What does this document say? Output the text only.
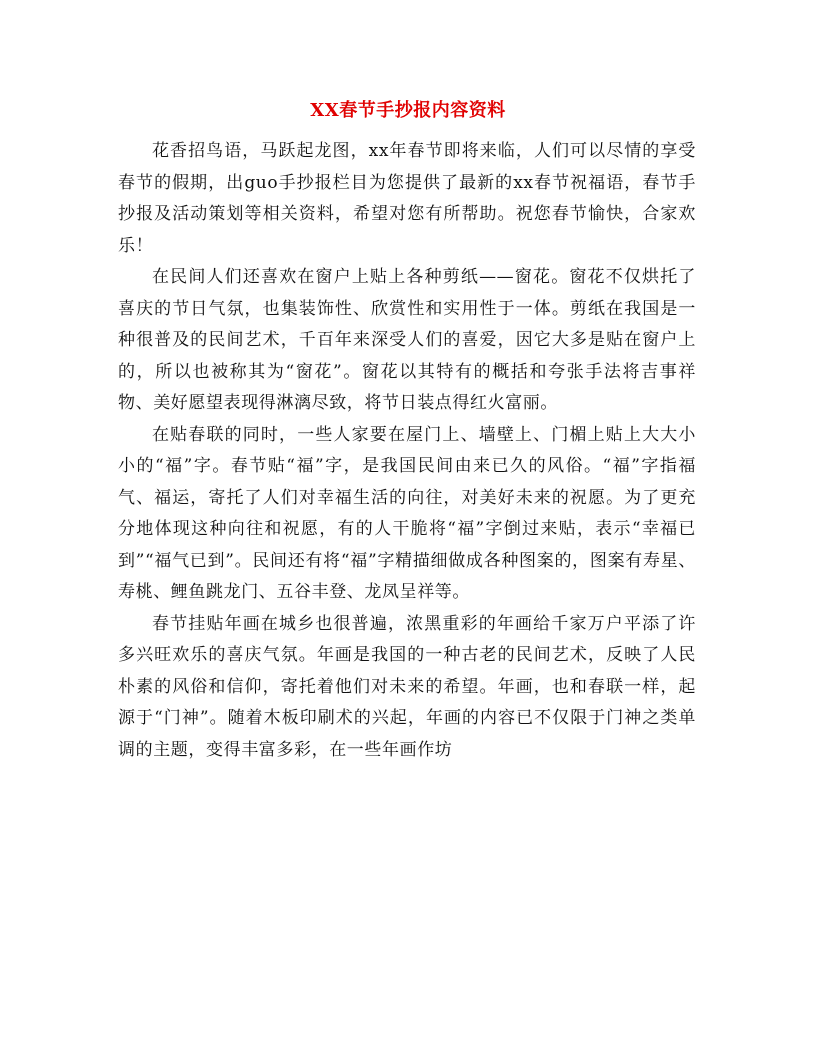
XX春节手抄报内容资料

花香招鸟语，马跃起龙图，xx年春节即将来临，人们可以尽情的享受春节的假期，出guo手抄报栏目为您提供了最新的xx春节祝福语，春节手抄报及活动策划等相关资料，希望对您有所帮助。祝您春节愉快，合家欢乐！

在民间人们还喜欢在窗户上贴上各种剪纸——窗花。窗花不仅烘托了喜庆的节日气氛，也集装饰性、欣赏性和实用性于一体。剪纸在我国是一种很普及的民间艺术，千百年来深受人们的喜爱，因它大多是贴在窗户上的，所以也被称其为“窗花”。窗花以其特有的概括和夸张手法将吉事祥物、美好愿望表现得淋漓尽致，将节日装点得红火富丽。

在贴春联的同时，一些人家要在屋门上、墙壁上、门楣上贴上大大小小的“福”字。春节贴“福”字，是我国民间由来已久的风俗。“福”字指福气、福运，寄托了人们对幸福生活的向往，对美好未来的祝愿。为了更充分地体现这种向往和祝愿，有的人干脆将“福”字倒过来贴，表示“幸福已到”“福气已到”。民间还有将“福”字精描细做成各种图案的，图案有寿星、寿桃、鲤鱼跳龙门、五谷丰登、龙凤呈祥等。

春节挂贴年画在城乡也很普遍，浓黑重彩的年画给千家万户平添了许多兴旺欢乐的喜庆气氛。年画是我国的一种古老的民间艺术，反映了人民朴素的风俗和信仰，寄托着他们对未来的希望。年画，也和春联一样，起源于“门神”。随着木板印刷术的兴起，年画的内容已不仅限于门神之类单调的主题，变得丰富多彩，在一些年画作坊
